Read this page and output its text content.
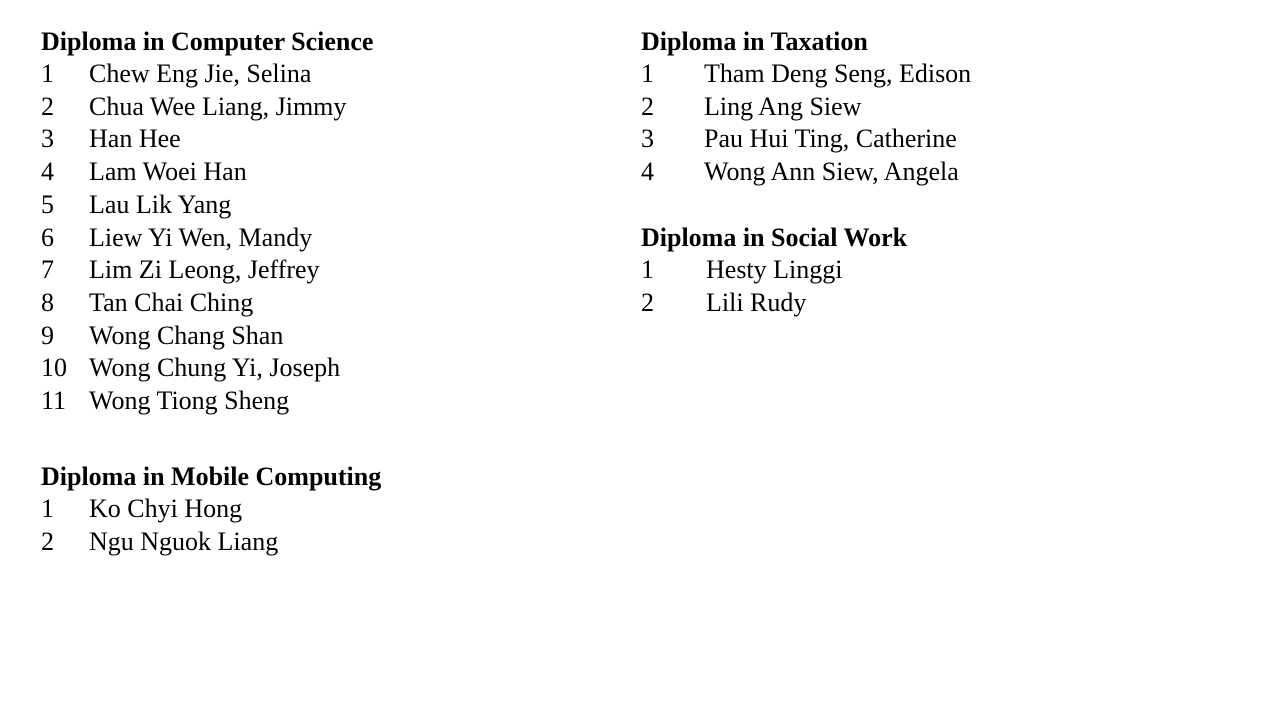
Diploma in Computer Science
1 Chew Eng Jie, Selina
2 Chua Wee Liang, Jimmy
3 Han Hee
4 Lam Woei Han
5 Lau Lik Yang
6 Liew Yi Wen, Mandy
7 Lim Zi Leong, Jeffrey
8 Tan Chai Ching
9 Wong Chang Shan
10 Wong Chung Yi, Joseph
11 Wong Tiong Sheng
Diploma in Mobile Computing
1 Ko Chyi Hong
2 Ngu Nguok Liang
Diploma in Taxation
1 Tham Deng Seng, Edison
2 Ling Ang Siew
3 Pau Hui Ting, Catherine
4 Wong Ann Siew, Angela
Diploma in Social Work
1 Hesty Linggi
2 Lili Rudy
